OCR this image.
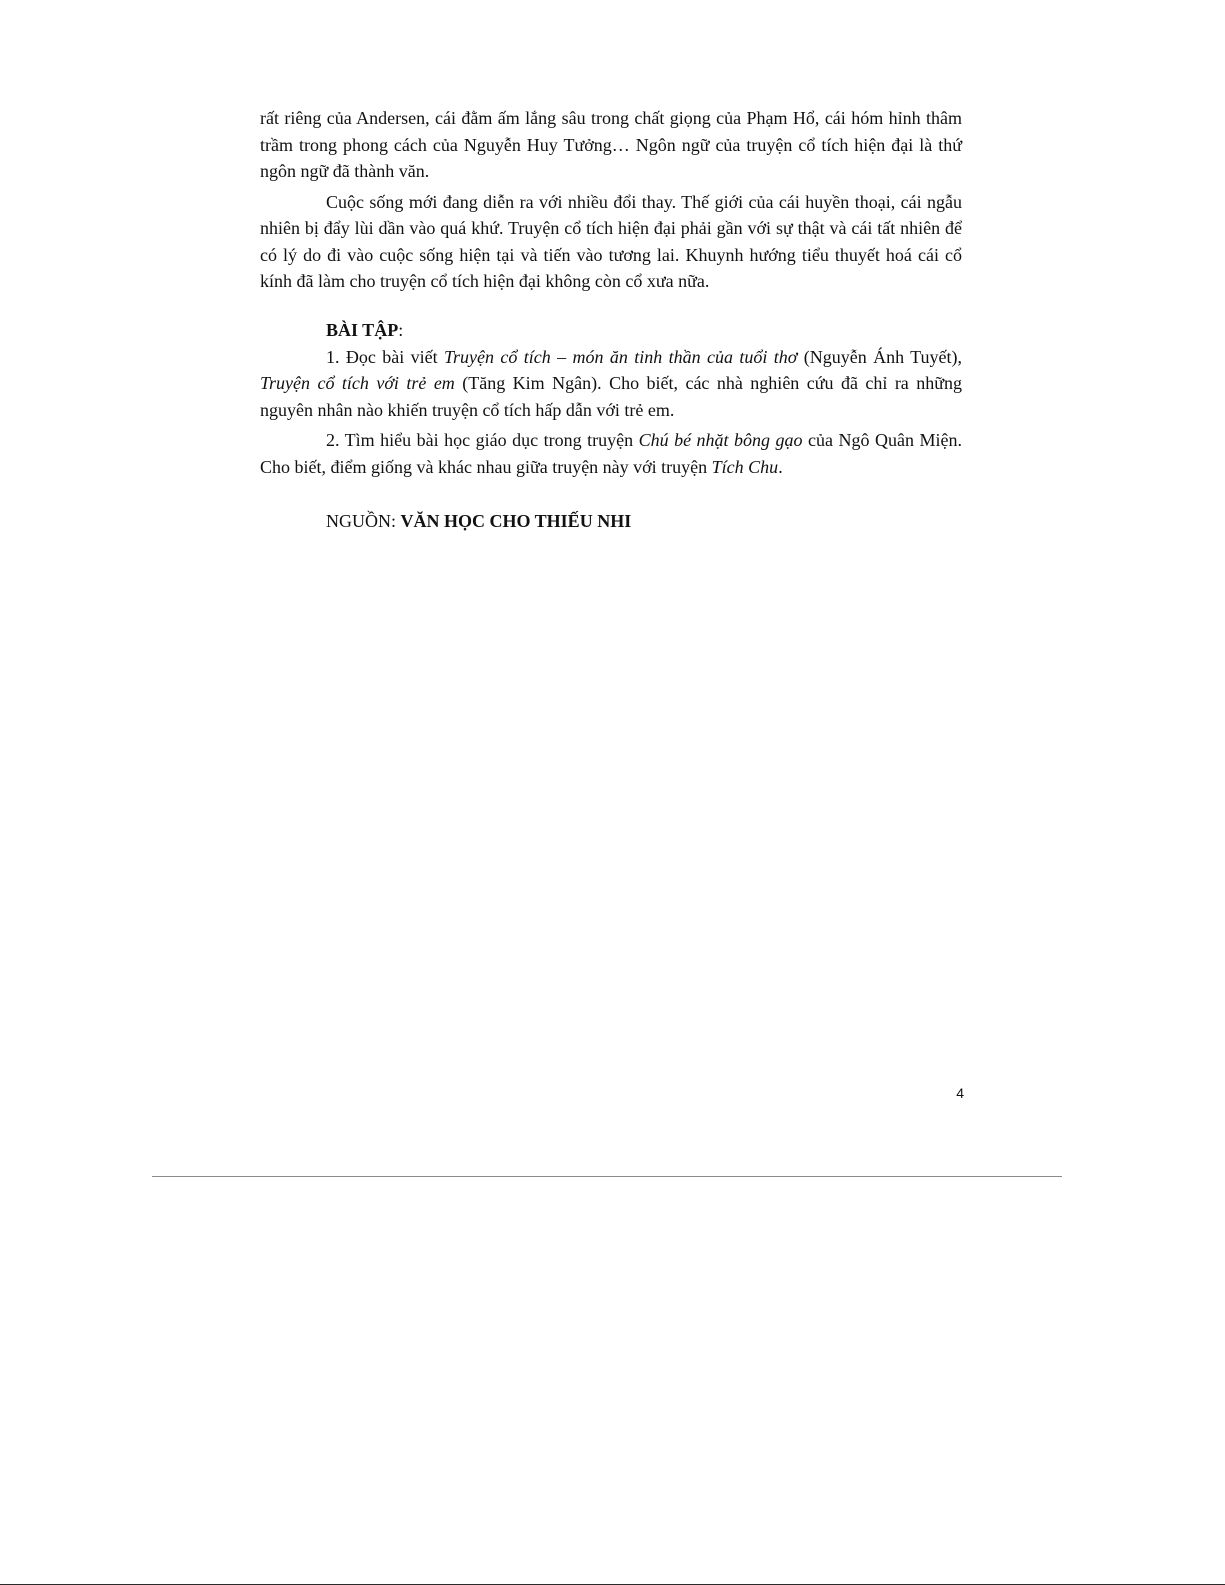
rất riêng của Andersen, cái đằm ấm lắng sâu trong chất giọng của Phạm Hổ, cái hóm hỉnh thâm trầm trong phong cách của Nguyễn Huy Tưởng… Ngôn ngữ của truyện cổ tích hiện đại là thứ ngôn ngữ đã thành văn.

Cuộc sống mới đang diễn ra với nhiều đổi thay. Thế giới của cái huyền thoại, cái ngẫu nhiên bị đẩy lùi dần vào quá khứ. Truyện cổ tích hiện đại phải gần với sự thật và cái tất nhiên để có lý do đi vào cuộc sống hiện tại và tiến vào tương lai. Khuynh hướng tiểu thuyết hoá cái cổ kính đã làm cho truyện cổ tích hiện đại không còn cổ xưa nữa.

BÀI TẬP:

1. Đọc bài viết Truyện cổ tích – món ăn tinh thần của tuổi thơ (Nguyễn Ánh Tuyết), Truyện cổ tích với trẻ em (Tăng Kim Ngân). Cho biết, các nhà nghiên cứu đã chỉ ra những nguyên nhân nào khiến truyện cổ tích hấp dẫn với trẻ em.

2. Tìm hiểu bài học giáo dục trong truyện Chú bé nhặt bông gạo của Ngô Quân Miện. Cho biết, điểm giống và khác nhau giữa truyện này với truyện Tích Chu.

NGUỒN: VĂN HỌC CHO THIẾU NHI

4
